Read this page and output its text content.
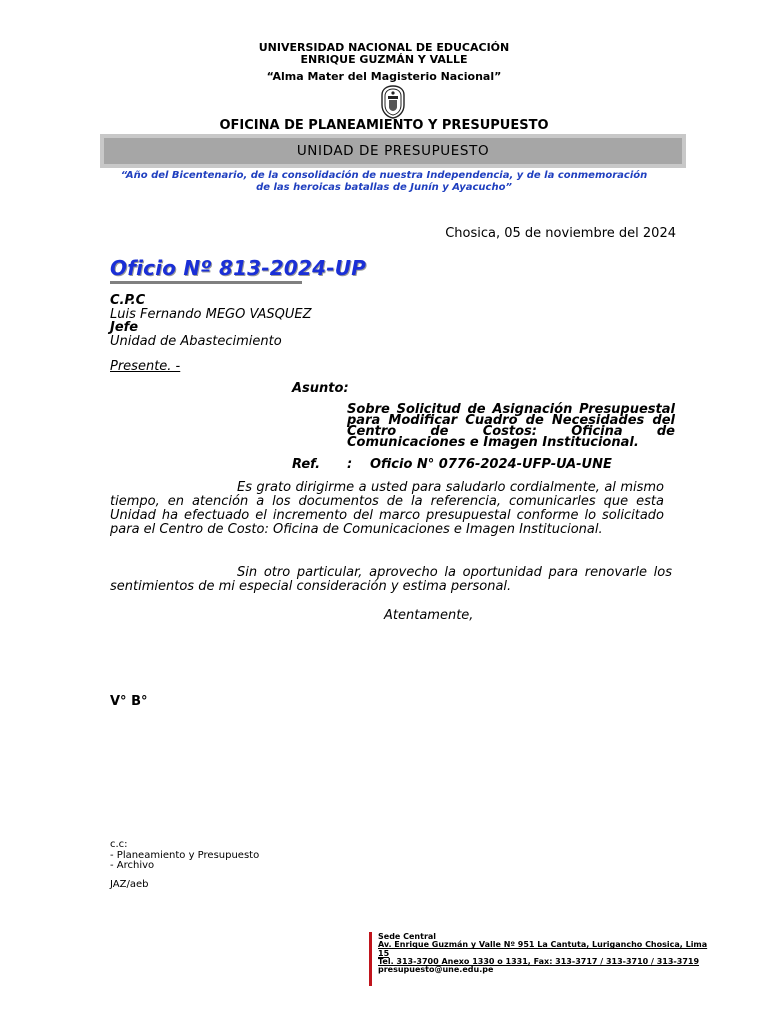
UNIVERSIDAD NACIONAL DE EDUCACIÓN
ENRIQUE GUZMÁN Y VALLE
“Alma Mater del Magisterio Nacional”
OFICINA DE PLANEAMIENTO Y PRESUPUESTO
UNIDAD DE PRESUPUESTO
“Año del Bicentenario, de la consolidación de nuestra Independencia, y de la conmemoración
de las heroicas batallas de Junín y Ayacucho”
Chosica, 05 de noviembre del 2024
Oficio Nº 813-2024-UP
C.P.C
Luis Fernando MEGO VASQUEZ
Jefe
Unidad de Abastecimiento
Presente. -
Asunto:
Sobre Solicitud de Asignación Presupuestal para Modificar Cuadro de Necesidades del Centro de Costos: Oficina de Comunicaciones e Imagen Institucional.
Ref. : Oficio N° 0776-2024-UFP-UA-UNE
Es grato dirigirme a usted para saludarlo cordialmente, al mismo tiempo, en atención a los documentos de la referencia, comunicarles que esta Unidad ha efectuado el incremento del marco presupuestal conforme lo solicitado para el Centro de Costo: Oficina de Comunicaciones e Imagen Institucional.
Sin otro particular, aprovecho la oportunidad para renovarle los sentimientos de mi especial consideración y estima personal.
Atentamente,
V° B°
c.c:
- Planeamiento y Presupuesto
- Archivo
JAZ/aeb
Sede Central
Av. Enrique Guzmán y Valle Nº 951 La Cantuta, Lurigancho Chosica, Lima 15
Tel. 313-3700 Anexo 1330 o 1331, Fax: 313-3717 / 313-3710 / 313-3719
presupuesto@une.edu.pe
